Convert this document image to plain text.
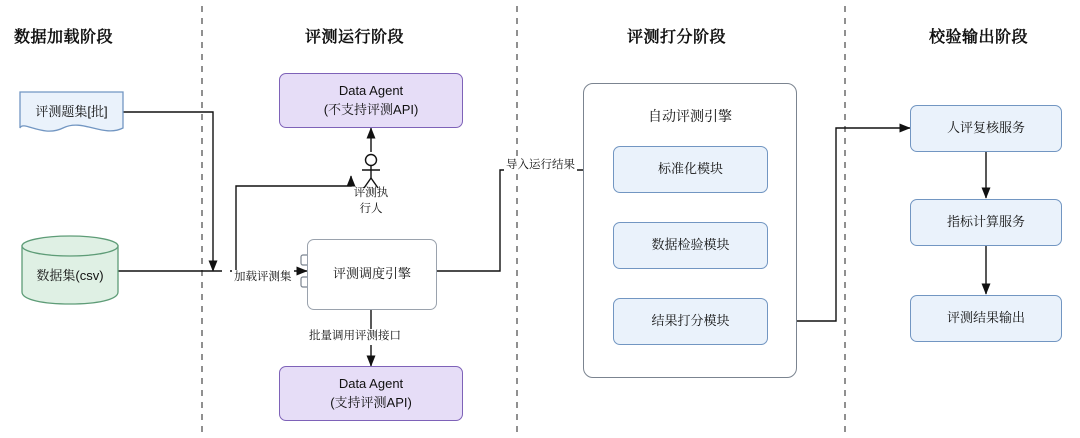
数据加载阶段	评测运行阶段	评测打分阶段	校验输出阶段
评测题集[批]
数据集(csv)
Data Agent
(不支持评测API)
Data Agent
(支持评测API)
评测调度引擎
自动评测引擎
标准化模块
数据检验模块
结果打分模块
人评复核服务
指标计算服务
评测结果输出
评测执
行人
加载评测集
批量调用评测接口
导入运行结果
